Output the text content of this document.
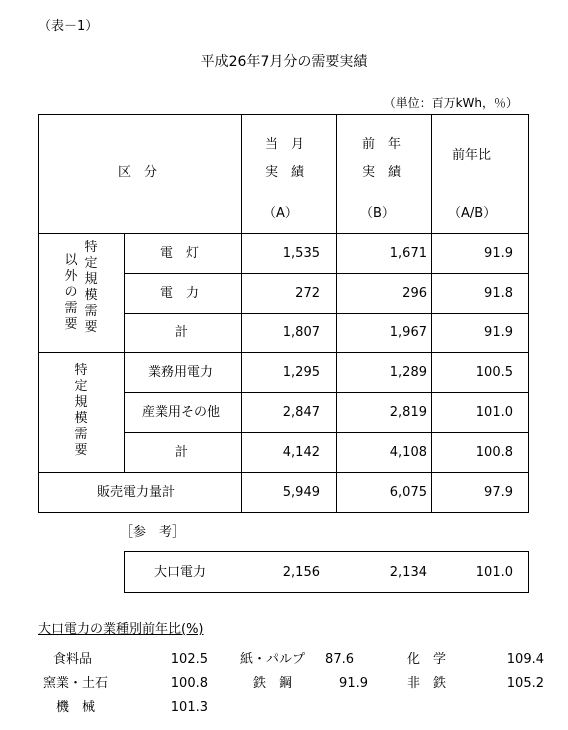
（表－1）
平成26年7月分の需要実績
（単位：百万kWh，％）
区　分
当　月
実　績
（A）
前　年
実　績
（B）
前年比
（A/B）
特定規模需要
以外の需要
電　灯	1,535	1,671	91.9
電　力	272	296	91.8
計	1,807	1,967	91.9
特定規模需要
業務用電力	1,295	1,289	100.5
産業用その他	2,847	2,819	101.0
計	4,142	4,108	100.8
販売電力量計	5,949	6,075	97.9
［参　考］
大口電力	2,156	2,134	101.0
大口電力の業種別前年比(%)
食料品	102.5 紙・パルプ 87.6	化　学	109.4
窯業・土石	100.8	鉄　鋼	91.9	非　鉄	105.2
機　械	101.3
